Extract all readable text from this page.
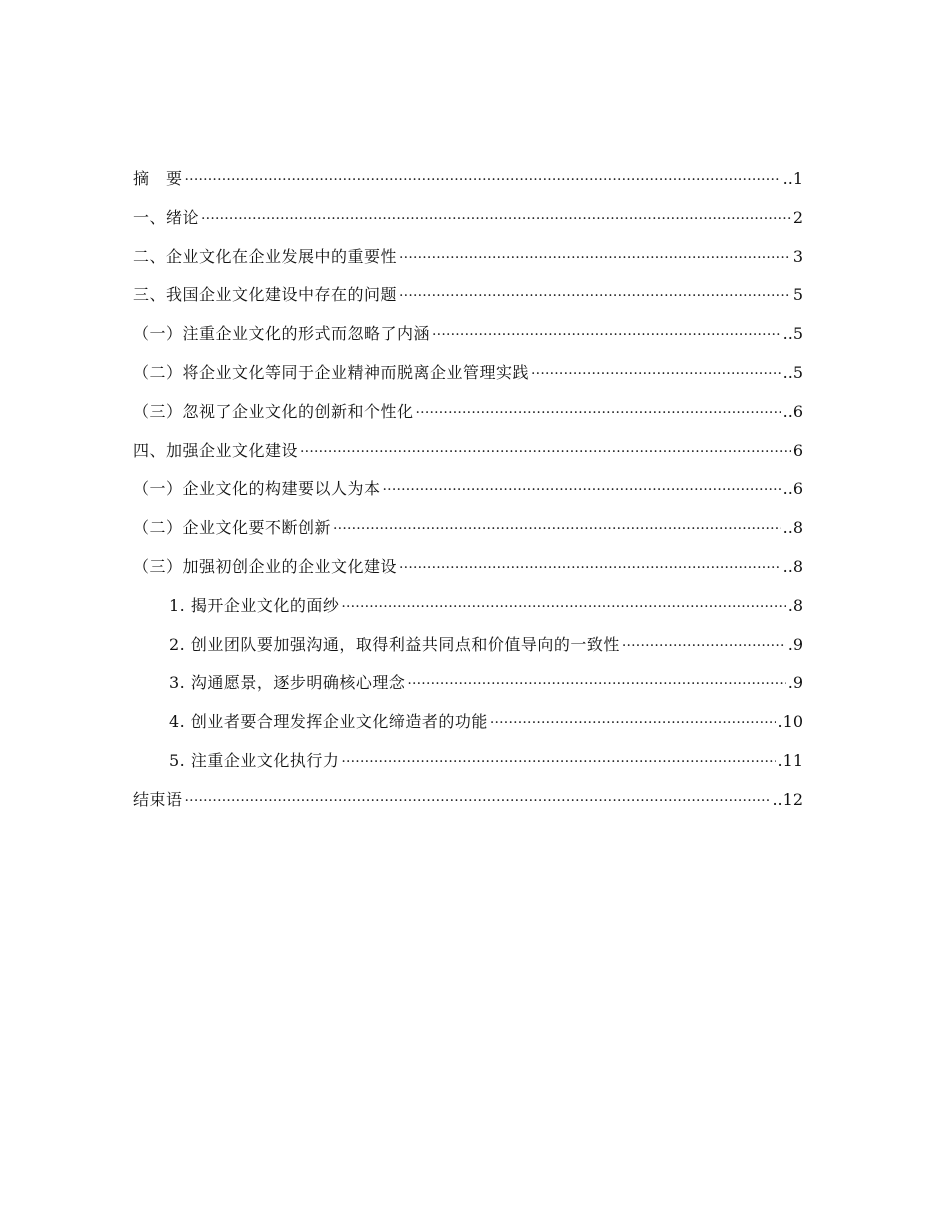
摘　要 ·····	..1
一、绪论 ·····	2
二、企业文化在企业发展中的重要性 ·····	3
三、我国企业文化建设中存在的问题 ·····	5
（一）注重企业文化的形式而忽略了内涵 ·····	..5
（二）将企业文化等同于企业精神而脱离企业管理实践 ·····	..5
（三）忽视了企业文化的创新和个性化 ·····	..6
四、加强企业文化建设 ·····	6
（一）企业文化的构建要以人为本 ·····	..6
（二）企业文化要不断创新 ·····	..8
（三）加强初创企业的企业文化建设 ·····	..8
1. 揭开企业文化的面纱 ·····	.8
2. 创业团队要加强沟通，取得利益共同点和价值导向的一致性 ·····	.9
3. 沟通愿景，逐步明确核心理念 ·····	.9
4. 创业者要合理发挥企业文化缔造者的功能 ·····	.10
5. 注重企业文化执行力 ·····	.11
结束语 ·····	..12
